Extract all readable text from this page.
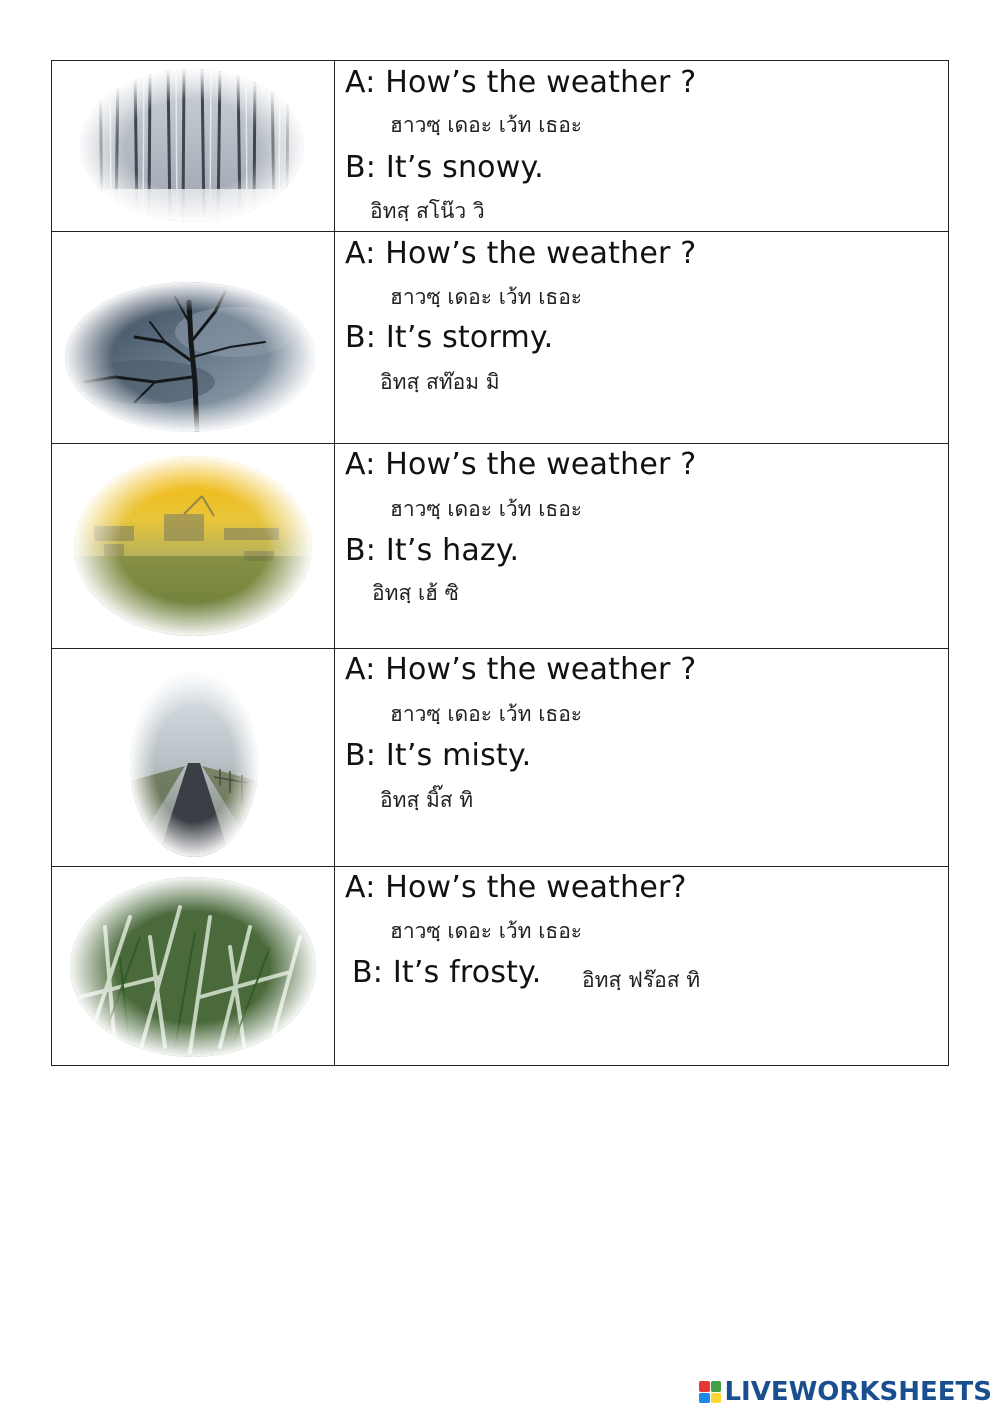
A: How’s the weather ?
ฮาวซฺ เดอะ เว้ท เธอะ
B: It’s snowy.
อิทสฺ สโน๊ว วิ

A: How’s the weather ?
ฮาวซฺ เดอะ เว้ท เธอะ
B: It’s stormy.
อิทสฺ สท๊อม มิ

A: How’s the weather ?
ฮาวซฺ เดอะ เว้ท เธอะ
B: It’s hazy.
อิทสฺ เฮ้ ซิ

A: How’s the weather ?
ฮาวซฺ เดอะ เว้ท เธอะ
B: It’s misty.
อิทสฺ มิ๊ส ทิ

A: How’s the weather?
ฮาวซฺ เดอะ เว้ท เธอะ
B: It’s frosty. อิทสฺ ฟร๊อส ทิ
LIVEWORKSHEETS
